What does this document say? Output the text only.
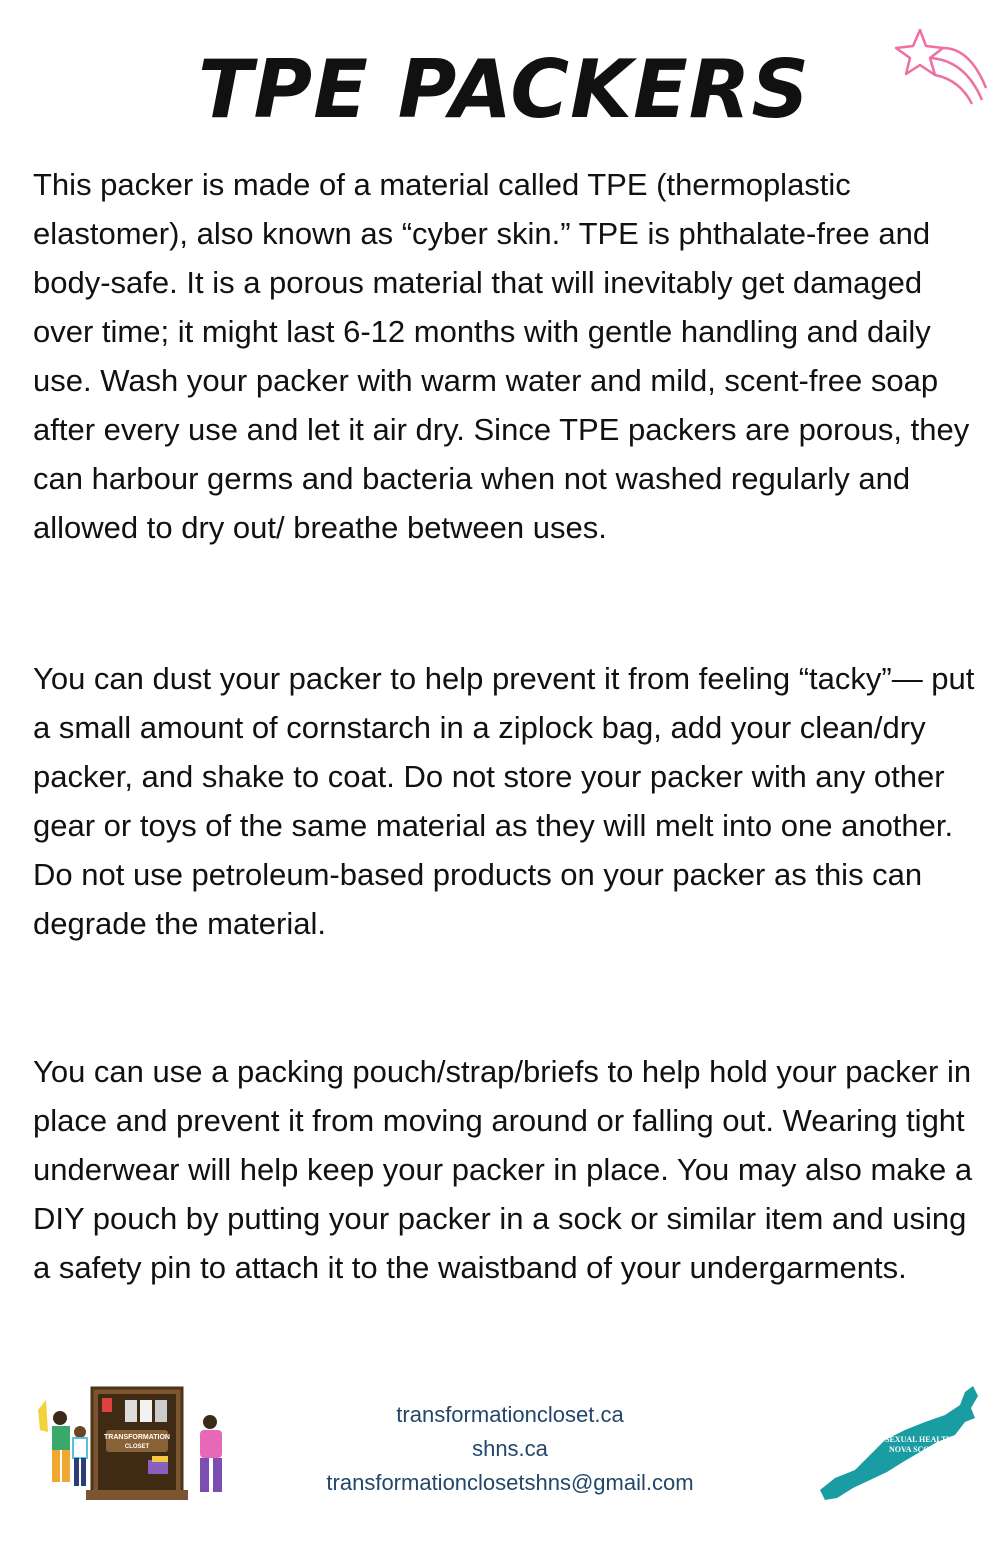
TPE PACKERS

This packer is made of a material called TPE (thermoplastic elastomer), also known as “cyber skin.” TPE is phthalate-free and body-safe. It is a porous material that will inevitably get damaged over time; it might last 6-12 months with gentle handling and daily use. Wash your packer with warm water and mild, scent-free soap after every use and let it air dry. Since TPE packers are porous, they can harbour germs and bacteria when not washed regularly and allowed to dry out/ breathe between uses.

You can dust your packer to help prevent it from feeling “tacky”— put a small amount of cornstarch in a ziplock bag, add your clean/dry packer, and shake to coat. Do not store your packer with any other gear or toys of the same material as they will melt into one another. Do not use petroleum-based products on your packer as this can degrade the material.

You can use a packing pouch/strap/briefs to help hold your packer in place and prevent it from moving around or falling out. Wearing tight underwear will help keep your packer in place. You may also make a DIY pouch by putting your packer in a sock or similar item and using a safety pin to attach it to the waistband of your undergarments.

TRANSFORMATION
CLOSET
transformationcloset.ca
shns.ca
transformationclosetshns@gmail.com
SEXUAL HEALTH
NOVA SCOTIA
